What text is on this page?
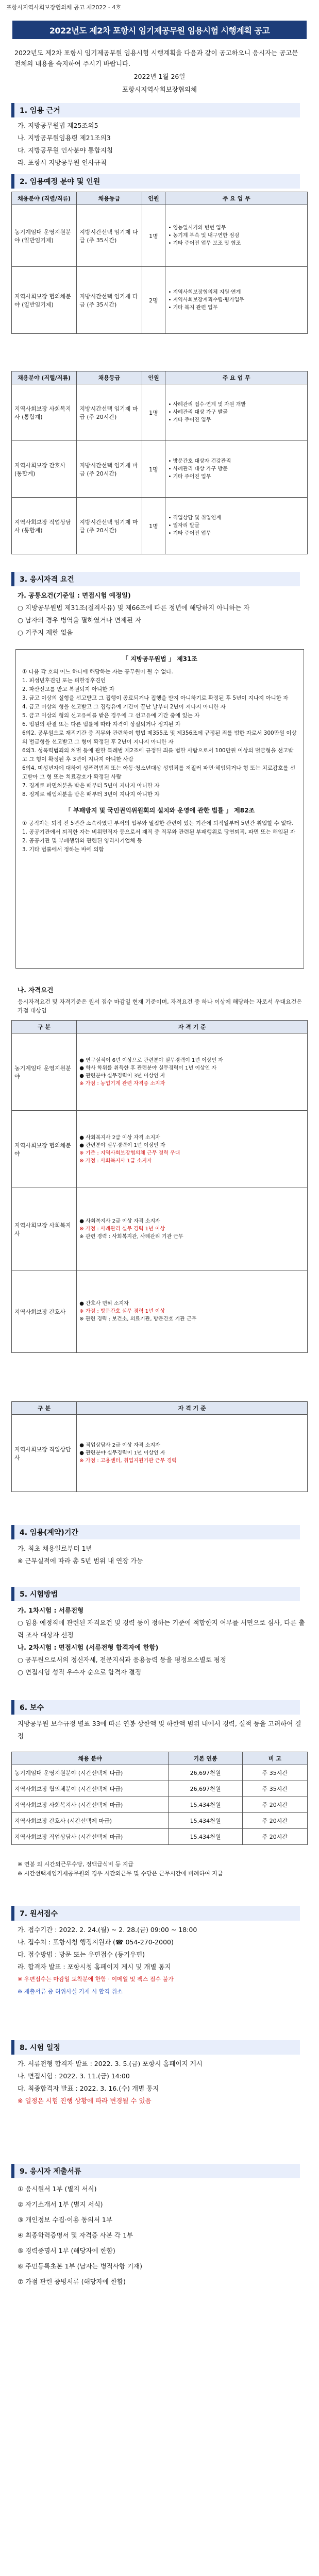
포항시지역사회보장협의체 공고 제2022 - 4호
2022년도 제2차 포항시 임기제공무원 임용시험 시행계획 공고

2022년도 제2차 포항시 임기제공무원 임용시험 시행계획을 다음과 같이 공고하오니 응시자는 공고문 전체의 내용을 숙지하여 주시기 바랍니다.

2022년 1월 26일

포항시지역사회보장협의체

1. 임용 근거
가. 지방공무원법 제25조의5
나. 지방공무원임용령 제21조의3
다. 지방공무원 인사분야 통합지침
라. 포항시 지방공무원 인사규칙
2. 임용예정 분야 및 인원
채용분야 (직렬/직류)	채용등급	인원	주 요 업 무
농기계임대 운영지원분야 (일반임기제)	지방시간선택 임기제 다급 (주 35시간)	1명	• 영농일시기의 빈번 업무
• 농기계 부속 및 내구연한 점검
• 기타 주어진 업무 보조 및 협조

지역사회보장 협의체분야 (일반임기제)	지방시간선택 임기제 다급 (주 35시간)	2명	• 지역사회보장협의체 지원·연계
• 지역사회보장계획수립·평가업무
• 기타 복지 관련 업무
채용분야 (직렬/직류)	채용등급	인원	주 요 업 무
지역사회보장 사회복지사 (통합계)	지방시간선택 임기제 마급 (주 20시간)	1명	• 사례관리 접수·연계 및 자원 개발
• 사례관리 대상 가구 발굴
• 기타 주어진 업무

지역사회보장 간호사 (통합계)	지방시간선택 임기제 마급 (주 20시간)	1명	• 방문간호 대상자 건강관리
• 사례관리 대상 가구 방문
• 기타 주어진 업무

지역사회보장 직업상담사 (통합계)	지방시간선택 임기제 마급 (주 20시간)	1명	• 직업상담 및 취업연계
• 일자리 발굴
• 기타 주어진 업무
3. 응시자격 요건
가. 공통요건(기준일 : 면접시험 예정일)
○ 지방공무원법 제31조(결격사유) 및 제66조에 따른 정년에 해당하지 아니하는 자
○ 남자의 경우 병역을 필하였거나 면제된 자
○ 거주지 제한 없음
「 지방공무원법 」 제31조
① 다음 각 호의 어느 하나에 해당하는 자는 공무원이 될 수 없다.
1. 피성년후견인 또는 피한정후견인
2. 파산선고를 받고 복권되지 아니한 자
3. 금고 이상의 실형을 선고받고 그 집행이 종료되거나 집행을 받지 아니하기로 확정된 후 5년이 지나지 아니한 자
4. 금고 이상의 형을 선고받고 그 집행유예 기간이 끝난 날부터 2년이 지나지 아니한 자
5. 금고 이상의 형의 선고유예를 받은 경우에 그 선고유예 기간 중에 있는 자
6. 법원의 판결 또는 다른 법률에 따라 자격이 상실되거나 정지된 자
6의2. 공무원으로 재직기간 중 직무와 관련하여 형법 제355조 및 제356조에 규정된 죄를 범한 자로서 300만원 이상의 벌금형을 선고받고 그 형이 확정된 후 2년이 지나지 아니한 자
6의3. 성폭력범죄의 처벌 등에 관한 특례법 제2조에 규정된 죄를 범한 사람으로서 100만원 이상의 벌금형을 선고받고 그 형이 확정된 후 3년이 지나지 아니한 사람
6의4. 미성년자에 대하여 성폭력범죄 또는 아동·청소년대상 성범죄를 저질러 파면·해임되거나 형 또는 치료감호를 선고받아 그 형 또는 치료감호가 확정된 사람
7. 징계로 파면처분을 받은 때부터 5년이 지나지 아니한 자
8. 징계로 해임처분을 받은 때부터 3년이 지나지 아니한 자
「 부패방지 및 국민권익위원회의 설치와 운영에 관한 법률 」 제82조
① 공직자는 퇴직 전 5년간 소속하였던 부서의 업무와 밀접한 관련이 있는 기관에 퇴직일부터 5년간 취업할 수 없다.
1. 공공기관에서 퇴직한 자는 비위면직자 등으로서 재직 중 직무와 관련된 부패행위로 당연퇴직, 파면 또는 해임된 자
2. 공공기관 및 부패행위와 관련된 영리사기업체 등
3. 기타 법률에서 정하는 바에 의함
나. 자격요건
응시자격요건 및 자격기준은 원서 접수 마감일 현재 기준이며, 자격요건 중 하나 이상에 해당하는 자로서 우대요건은 가점 대상임
구 분	자 격 기 준
농기계임대 운영지원분야	● 연구실적이 6년 이상으로 관련분야 실무경력이 1년 이상인 자
● 학사 학위를 취득한 후 관련분야 실무경력이 1년 이상인 자
● 관련분야 실무경력이 3년 이상인 자
※ 가점 : 농업기계 관련 자격증 소지자

지역사회보장 협의체분야	● 사회복지사 2급 이상 자격 소지자
● 관련분야 실무경력이 1년 이상인 자
※ 기준 : 지역사회보장협의체 근무 경력 우대
※ 가점 : 사회복지사 1급 소지자

지역사회보장 사회복지사	● 사회복지사 2급 이상 자격 소지자
※ 가점 : 사례관리 실무 경력 1년 이상
※ 관련 경력 : 사회복지관, 사례관리 기관 근무

지역사회보장 간호사	● 간호사 면허 소지자
※ 가점 : 방문간호 실무 경력 1년 이상
※ 관련 경력 : 보건소, 의료기관, 방문간호 기관 근무
구 분	자 격 기 준
지역사회보장 직업상담사	● 직업상담사 2급 이상 자격 소지자
● 관련분야 실무경력이 1년 이상인 자
※ 가점 : 고용센터, 취업지원기관 근무 경력
4. 임용(계약)기간
가. 최초 채용일로부터 1년
※ 근무실적에 따라 총 5년 범위 내 연장 가능
5. 시험방법
가. 1차시험 : 서류전형
○ 임용 예정직에 관련된 자격요건 및 경력 등이 정하는 기준에 적합한지 여부를 서면으로 심사, 다른 출력 조사 대상자 선정
나. 2차시험 : 면접시험 (서류전형 합격자에 한함)
○ 공무원으로서의 정신자세, 전문지식과 응용능력 등을 평정요소별로 평정
○ 면접시험 성적 우수자 순으로 합격자 결정
6. 보수
지방공무원 보수규정 별표 33에 따른 연봉 상한액 및 하한액 범위 내에서 경력, 실적 등을 고려하여 결정
채용 분야	기본 연봉	비 고
농기계임대 운영지원분야 (시간선택제 다급)	26,697천원	주 35시간
지역사회보장 협의체분야 (시간선택제 다급)	26,697천원	주 35시간
지역사회보장 사회복지사 (시간선택제 마급)	15,434천원	주 20시간
지역사회보장 간호사 (시간선택제 마급)	15,434천원	주 20시간
지역사회보장 직업상담사 (시간선택제 마급)	15,434천원	주 20시간
※ 연봉 외 시간외근무수당, 정액급식비 등 지급
※ 시간선택제임기제공무원의 경우 시간외근무 및 수당은 근무시간에 비례하여 지급
7. 원서접수
가. 접수기간 : 2022. 2. 24.(월) ~ 2. 28.(금) 09:00 ~ 18:00
나. 접수처 : 포항시청 행정지원과 (☎ 054-270-2000)
다. 접수방법 : 방문 또는 우편접수 (등기우편)
라. 합격자 발표 : 포항시청 홈페이지 게시 및 개별 통지
※ 우편접수는 마감일 도착분에 한함 · 이메일 및 팩스 접수 불가
※ 제출서류 중 허위사실 기재 시 합격 취소
8. 시험 일정
가. 서류전형 합격자 발표 : 2022. 3. 5.(금) 포항시 홈페이지 게시
나. 면접시험 : 2022. 3. 11.(금) 14:00
다. 최종합격자 발표 : 2022. 3. 16.(수) 개별 통지
※ 일정은 시험 진행 상황에 따라 변경될 수 있음
9. 응시자 제출서류
① 응시원서 1부 (별지 서식)
② 자기소개서 1부 (별지 서식)
③ 개인정보 수집·이용 동의서 1부
④ 최종학력증명서 및 자격증 사본 각 1부
⑤ 경력증명서 1부 (해당자에 한함)
⑥ 주민등록초본 1부 (남자는 병적사항 기재)
⑦ 가점 관련 증빙서류 (해당자에 한함)
